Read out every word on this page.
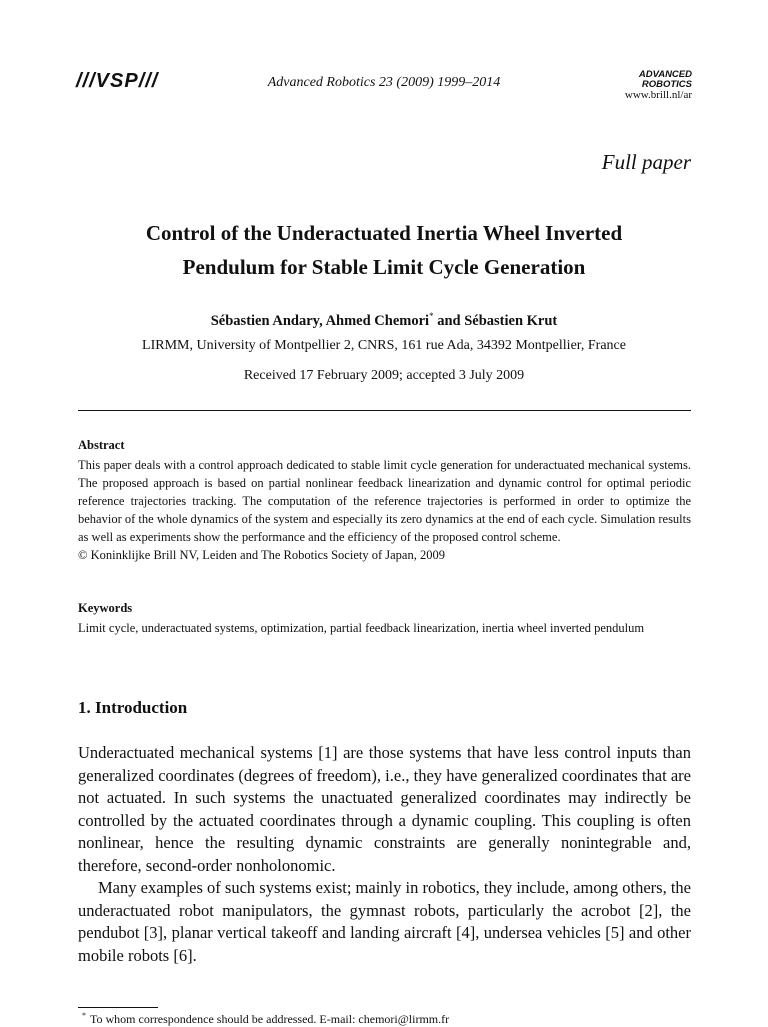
///VSP///	Advanced Robotics 23 (2009) 1999–2014
ADVANCED
ROBOTICS
www.brill.nl/ar
Full paper
Control of the Underactuated Inertia Wheel Inverted
Pendulum for Stable Limit Cycle Generation
Sébastien Andary, Ahmed Chemori* and Sébastien Krut
LIRMM, University of Montpellier 2, CNRS, 161 rue Ada, 34392 Montpellier, France
Received 17 February 2009; accepted 3 July 2009
Abstract

This paper deals with a control approach dedicated to stable limit cycle generation for underactuated mechanical systems. The proposed approach is based on partial nonlinear feedback linearization and dynamic control for optimal periodic reference trajectories tracking. The computation of the reference trajectories is performed in order to optimize the behavior of the whole dynamics of the system and especially its zero dynamics at the end of each cycle. Simulation results as well as experiments show the performance and the efficiency of the proposed control scheme.

© Koninklijke Brill NV, Leiden and The Robotics Society of Japan, 2009

Keywords
Limit cycle, underactuated systems, optimization, partial feedback linearization, inertia wheel inverted pendulum
1. Introduction

Underactuated mechanical systems [1] are those systems that have less control inputs than generalized coordinates (degrees of freedom), i.e., they have generalized coordinates that are not actuated. In such systems the unactuated generalized coordinates may indirectly be controlled by the actuated coordinates through a dynamic coupling. This coupling is often nonlinear, hence the resulting dynamic constraints are generally nonintegrable and, therefore, second-order nonholonomic.

Many examples of such systems exist; mainly in robotics, they include, among others, the underactuated robot manipulators, the gymnast robots, particularly the acrobot [2], the pendubot [3], planar vertical takeoff and landing aircraft [4], undersea vehicles [5] and other mobile robots [6].

* To whom correspondence should be addressed. E-mail: chemori@lirmm.fr
